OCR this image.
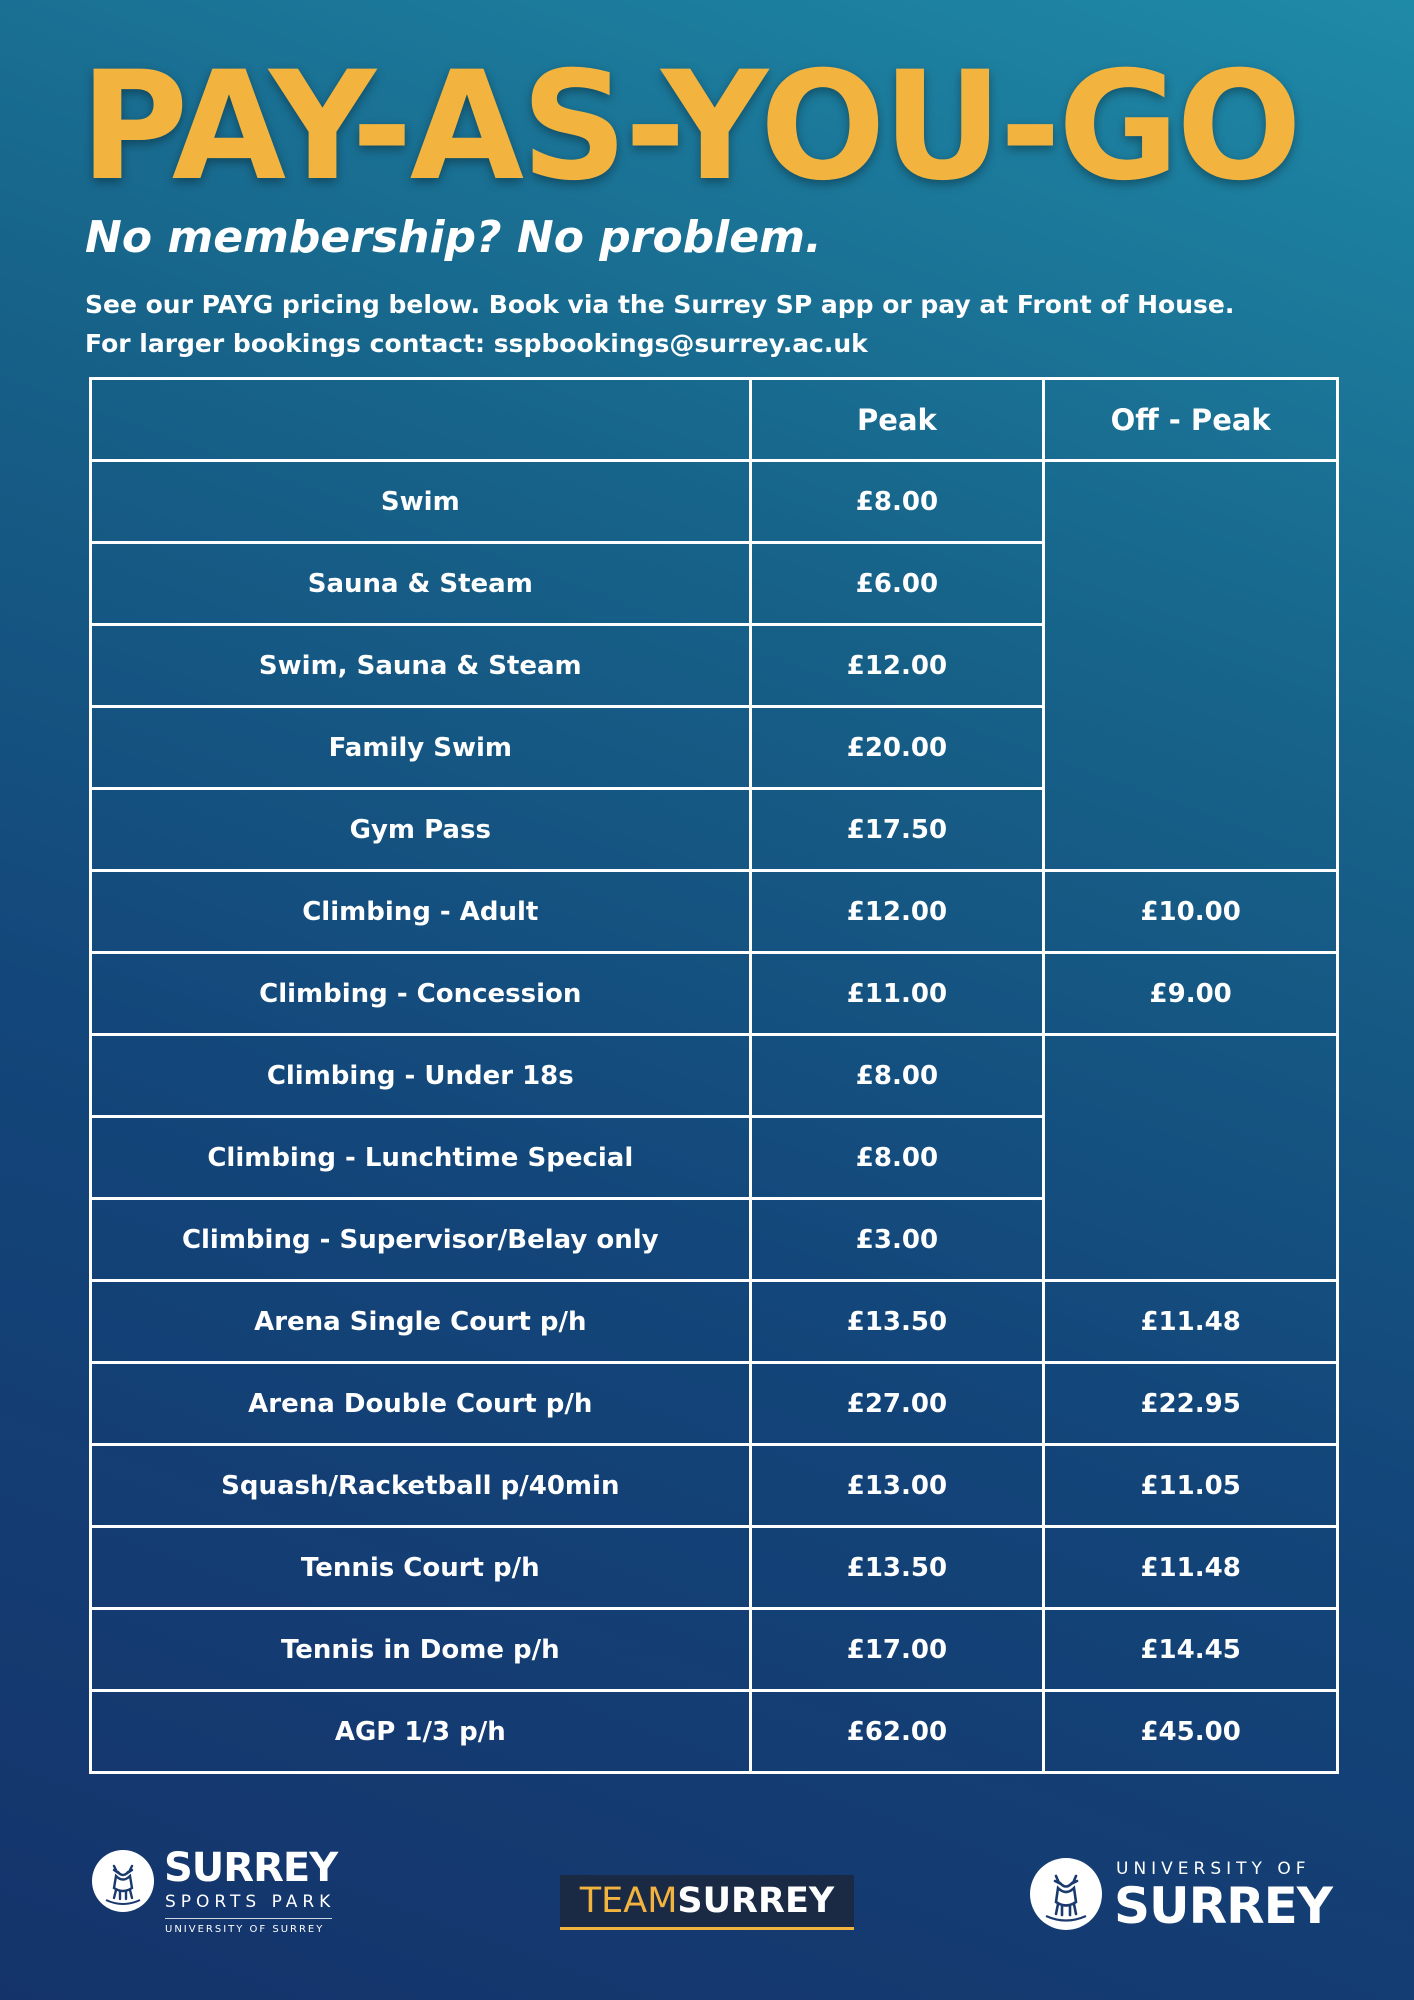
PAY-AS-YOU-GO
No membership? No problem.
See our PAYG pricing below. Book via the Surrey SP app or pay at Front of House.
For larger bookings contact: sspbookings@surrey.ac.uk
	Peak	Off - Peak
Swim	£8.00	
Sauna & Steam	£6.00	
Swim, Sauna & Steam	£12.00	
Family Swim	£20.00	
Gym Pass	£17.50	
Climbing - Adult	£12.00	£10.00
Climbing - Concession	£11.00	£9.00
Climbing - Under 18s	£8.00	
Climbing - Lunchtime Special	£8.00	
Climbing - Supervisor/Belay only	£3.00	
Arena Single Court p/h	£13.50	£11.48
Arena Double Court p/h	£27.00	£22.95
Squash/Racketball p/40min	£13.00	£11.05
Tennis Court p/h	£13.50	£11.48
Tennis in Dome p/h	£17.00	£14.45
AGP 1/3 p/h	£62.00	£45.00
SURREY
SPORTS PARK
UNIVERSITY OF SURREY
TEAMSURREY
UNIVERSITY OF
SURREY
